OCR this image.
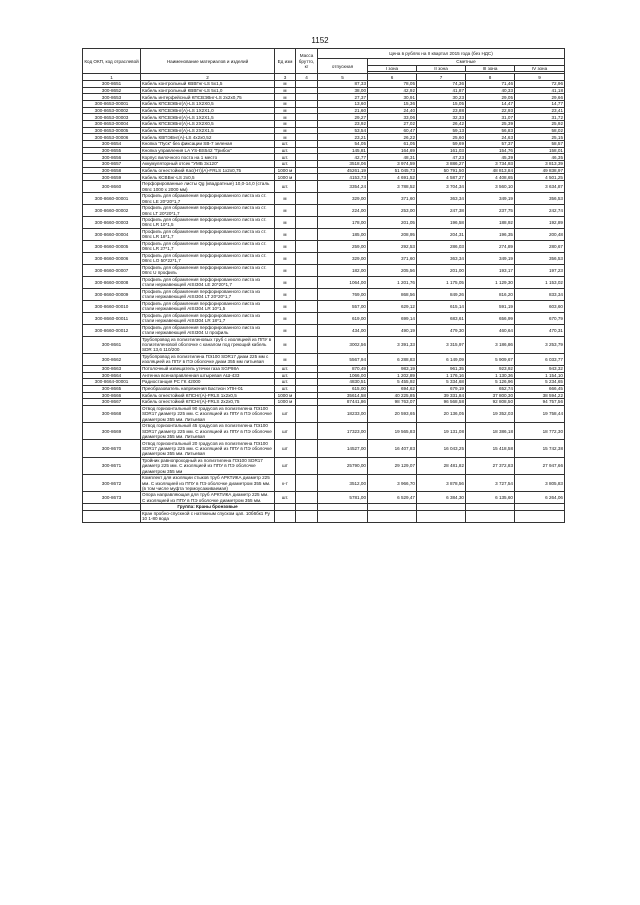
1152
Код ОКП, код отраслевой	Наименование материалов и изделий	Ед изм	Масса брутто, кг	Цена в рублях на II квартал 2015 года (без НДС)				
				отпускная	Сметные			
					I зона	II зона	III зона	IV зона

1	2	3	4	5	6	7	8	9
300-8651	Кабель контрольный КВВГнг-LS 5х1,5	м		87,33	78,05	74,36	71,46	72,96
300-8652	Кабель контрольный КВВГнг-LS 5х1,0	м		38,00	42,92	41,87	40,33	41,18
300-8653	Кабель интерфейсный КПСВЭВнг-LS 2х2х0,75	м		27,37	30,91	30,23	29,05	29,66
300-8653-00001	Кабель КПСВЭВнг(А)-LS 1Х2Х0,5	м		13,60	15,36	15,05	14,47	14,77
300-8653-00002	Кабель КПСВЭВнг(А)-LS 1Х2Х1,0	м		21,60	24,40	23,88	22,93	23,41
300-8653-00003	Кабель КПСВЭВнг(А)-LS 1Х2Х1,5	м		29,27	33,06	32,33	31,07	31,72
300-8653-00004	Кабель КПСВЭВнг(А)-LS 2Х2Х0,5	м		23,92	27,02	26,42	25,39	25,92
300-8653-00005	Кабель КПСВЭВнг(А)-LS 2Х2Х1,5	м		53,54	60,47	59,13	56,83	58,02
300-8653-00006	Кабель КВПЭВнг(А)-LS 4х2х0,52	м		23,21	26,22	25,60	24,63	25,15
300-8654	Кнопка "Пуск" без фиксации SB-7 зеленая	шт.		54,05	61,05	59,69	57,37	58,57
300-8655	Кнопка управления LA YS-BS542 "Грибок"	шт.		145,81	164,69	161,03	154,76	158,01
300-8656	Корпус вилочного поста на 1 место	шт.		42,77	48,31	47,23	45,39	46,35
300-8657	Аккумуляторный отсек "УМБ 3х120"	шт.		3518,06	3 974,59	3 886,27	3 734,93	3 813,39
300-8658	Кабель огнестойкий Кас(Нт)(А)-FRLS 1х2х0,75	1000 м		45261,19	51 045,73	50 791,50	48 813,84	49 838,97
300-8659	Кабель КСВВнг-LS 2х0,5	1000 м		4153,73	4 691,52	4 587,27	4 408,65	4 501,25
300-8660	Перфорированные листы Qg (квадратные) 10,0-14,0 (сталь 08пс 1000 х 2000 мм)	шт.		3354,24	3 788,52	3 704,34	3 560,10	3 634,87
300-8660-00001	Профиль для обрамления перфорированного листа из ст. 08пс LE 20*20*1,7	м		329,00	371,60	363,34	349,19	356,53
300-8660-00002	Профиль для обрамления перфорированного листа из ст. 08пс LT 20*20*1,7	м		224,00	253,00	247,38	237,75	242,74
300-8660-00003	Профиль для обрамления перфорированного листа из ст. 08пс LR 10*1,5	м		178,00	201,05	196,58	188,92	192,89
300-8660-00004	Профиль для обрамления перфорированного листа из ст. 08пс LR 18*1,7	м		185,00	208,95	204,31	196,35	200,48
300-8660-00005	Профиль для обрамления перфорированного листа из ст. 08пс LR 27*1,7	м		259,00	292,53	286,03	274,89	280,67
300-8660-00006	Профиль для обрамления перфорированного листа из ст. 08пс LO 50*22*1,7	м		329,00	371,60	363,34	349,19	356,53
300-8660-00007	Профиль для обрамления перфорированного листа из ст. 08пс U профиль	м		182,00	205,56	201,00	193,17	197,23
300-8660-00008	Профиль для обрамления перфорированного листа из стали нержавеющей AISI304 LE 20*20*1,7	м		1064,00	1 201,76	1 175,05	1 129,30	1 153,02
300-8660-00009	Профиль для обрамления перфорированного листа из стали нержавеющей AISI304 LT 20*20*1,7	м		769,00	868,56	849,26	816,20	833,34
300-8660-00010	Профиль для обрамления перфорированного листа из стали нержавеющей AISI304 LR 10*1,5	м		557,00	629,12	615,14	591,19	603,60
300-8660-00011	Профиль для обрамления перфорированного листа из стали нержавеющей AISI304 LR 18*1,7	м		619,00	699,14	683,61	656,99	670,79
300-8660-00012	Профиль для обрамления перфорированного листа из стали нержавеющей AISI304 U профиль	м		434,00	490,19	479,30	460,64	470,31
300-8661	Трубопровод из полиэтиленовых труб с изоляцией из ППУ в полиэтиленовой оболочке с каналом под греющий кабель SDR 13,6 110/200	м		3002,56	3 391,33	3 315,97	3 186,86	3 253,79
300-8662	Трубопровод из полиэтилена ПЭ100 SDR17 диам 225 мм с изоляцией из ППУ в ПЭ оболочке диам 355 мм литьевая	м		5567,94	6 288,83	6 149,09	5 909,67	6 033,77
300-8663	Потолочный извещатель утечки газа SGP98A	шт.		870,49	983,19	961,35	923,92	943,32
300-8664	Антенна всенаправленная штыревая АШ-433	шт.		1066,00	1 202,89	1 176,16	1 130,36	1 154,10
300-8664-00001	Радиостанция РС ГК 42000	шт.		4830,51	5 455,92	5 334,68	5 126,96	5 234,65
300-8665	Преобразователь напряжения Бастион УПН-01	шт.		615,00	694,62	679,19	652,74	666,45
300-8666	Кабель огнестойкий КПСНг(А)-FRLS 1х2х0,5	1000 м		35614,58	40 225,85	39 331,84	37 800,30	38 594,22
300-8667	Кабель огнестойкий КПСНг(А)-FRLS 2х2х0,75	1000 м		87441,86	98 763,07	96 568,58	92 808,50	94 757,56
300-8668	Отвод горизонтальный 90 градусов из полиэтилена ПЭ100 SDR17 диаметр 225 мм. С изоляцией из ППУ в ПЭ оболочке диаметром 355 мм. Литьевая	шт		18233,00	20 593,65	20 136,05	19 352,03	19 758,44
300-8669	Отвод горизонтальный 45 градусов из полиэтилена ПЭ100 SDR17 диаметр 225 мм. С изоляцией из ППУ в ПЭ оболочке диаметром 355 мм. Литьевая	шт		17323,00	19 565,83	19 131,08	18 386,18	18 772,30
300-8670	Отвод горизонтальный 20 градусов из полиэтилена ПЭ100 SDR17 диаметр 225 мм. С изоляцией из ППУ в ПЭ оболочке диаметром 355 мм. Литьевая	шт		14527,00	16 407,83	16 043,25	15 418,58	15 742,38
300-8671	Тройник равнопроходный из полиэтилена ПЭ100 SDR17 диаметр 225 мм. С изоляцией из ППУ в ПЭ оболочке диаметром 355 мм	шт		25790,00	29 129,07	28 481,82	27 372,83	27 947,66
300-8672	Комплект для изоляции стыков труб АРКТИКА диаметр 225 мм. С изоляцией из ППУ в ПЭ оболочке диаметром 355 мм. (в том числе муфта термоусаживаемая)	к-т		3512,00	3 966,70	3 878,56	3 727,54	3 805,83
300-8673	Опора направляющая для труб АРКТИКА диаметр 225 мм. С изоляцией из ППУ в ПЭ оболочке диаметром 355 мм.	шт.		5781,00	6 529,47	6 384,30	6 135,60	6 264,06
	Группа: Краны бронзовые							
	Кран пробно-спускной с натяжным спуском цап. 10б6бк1 Ру 10 1-80 вода							
